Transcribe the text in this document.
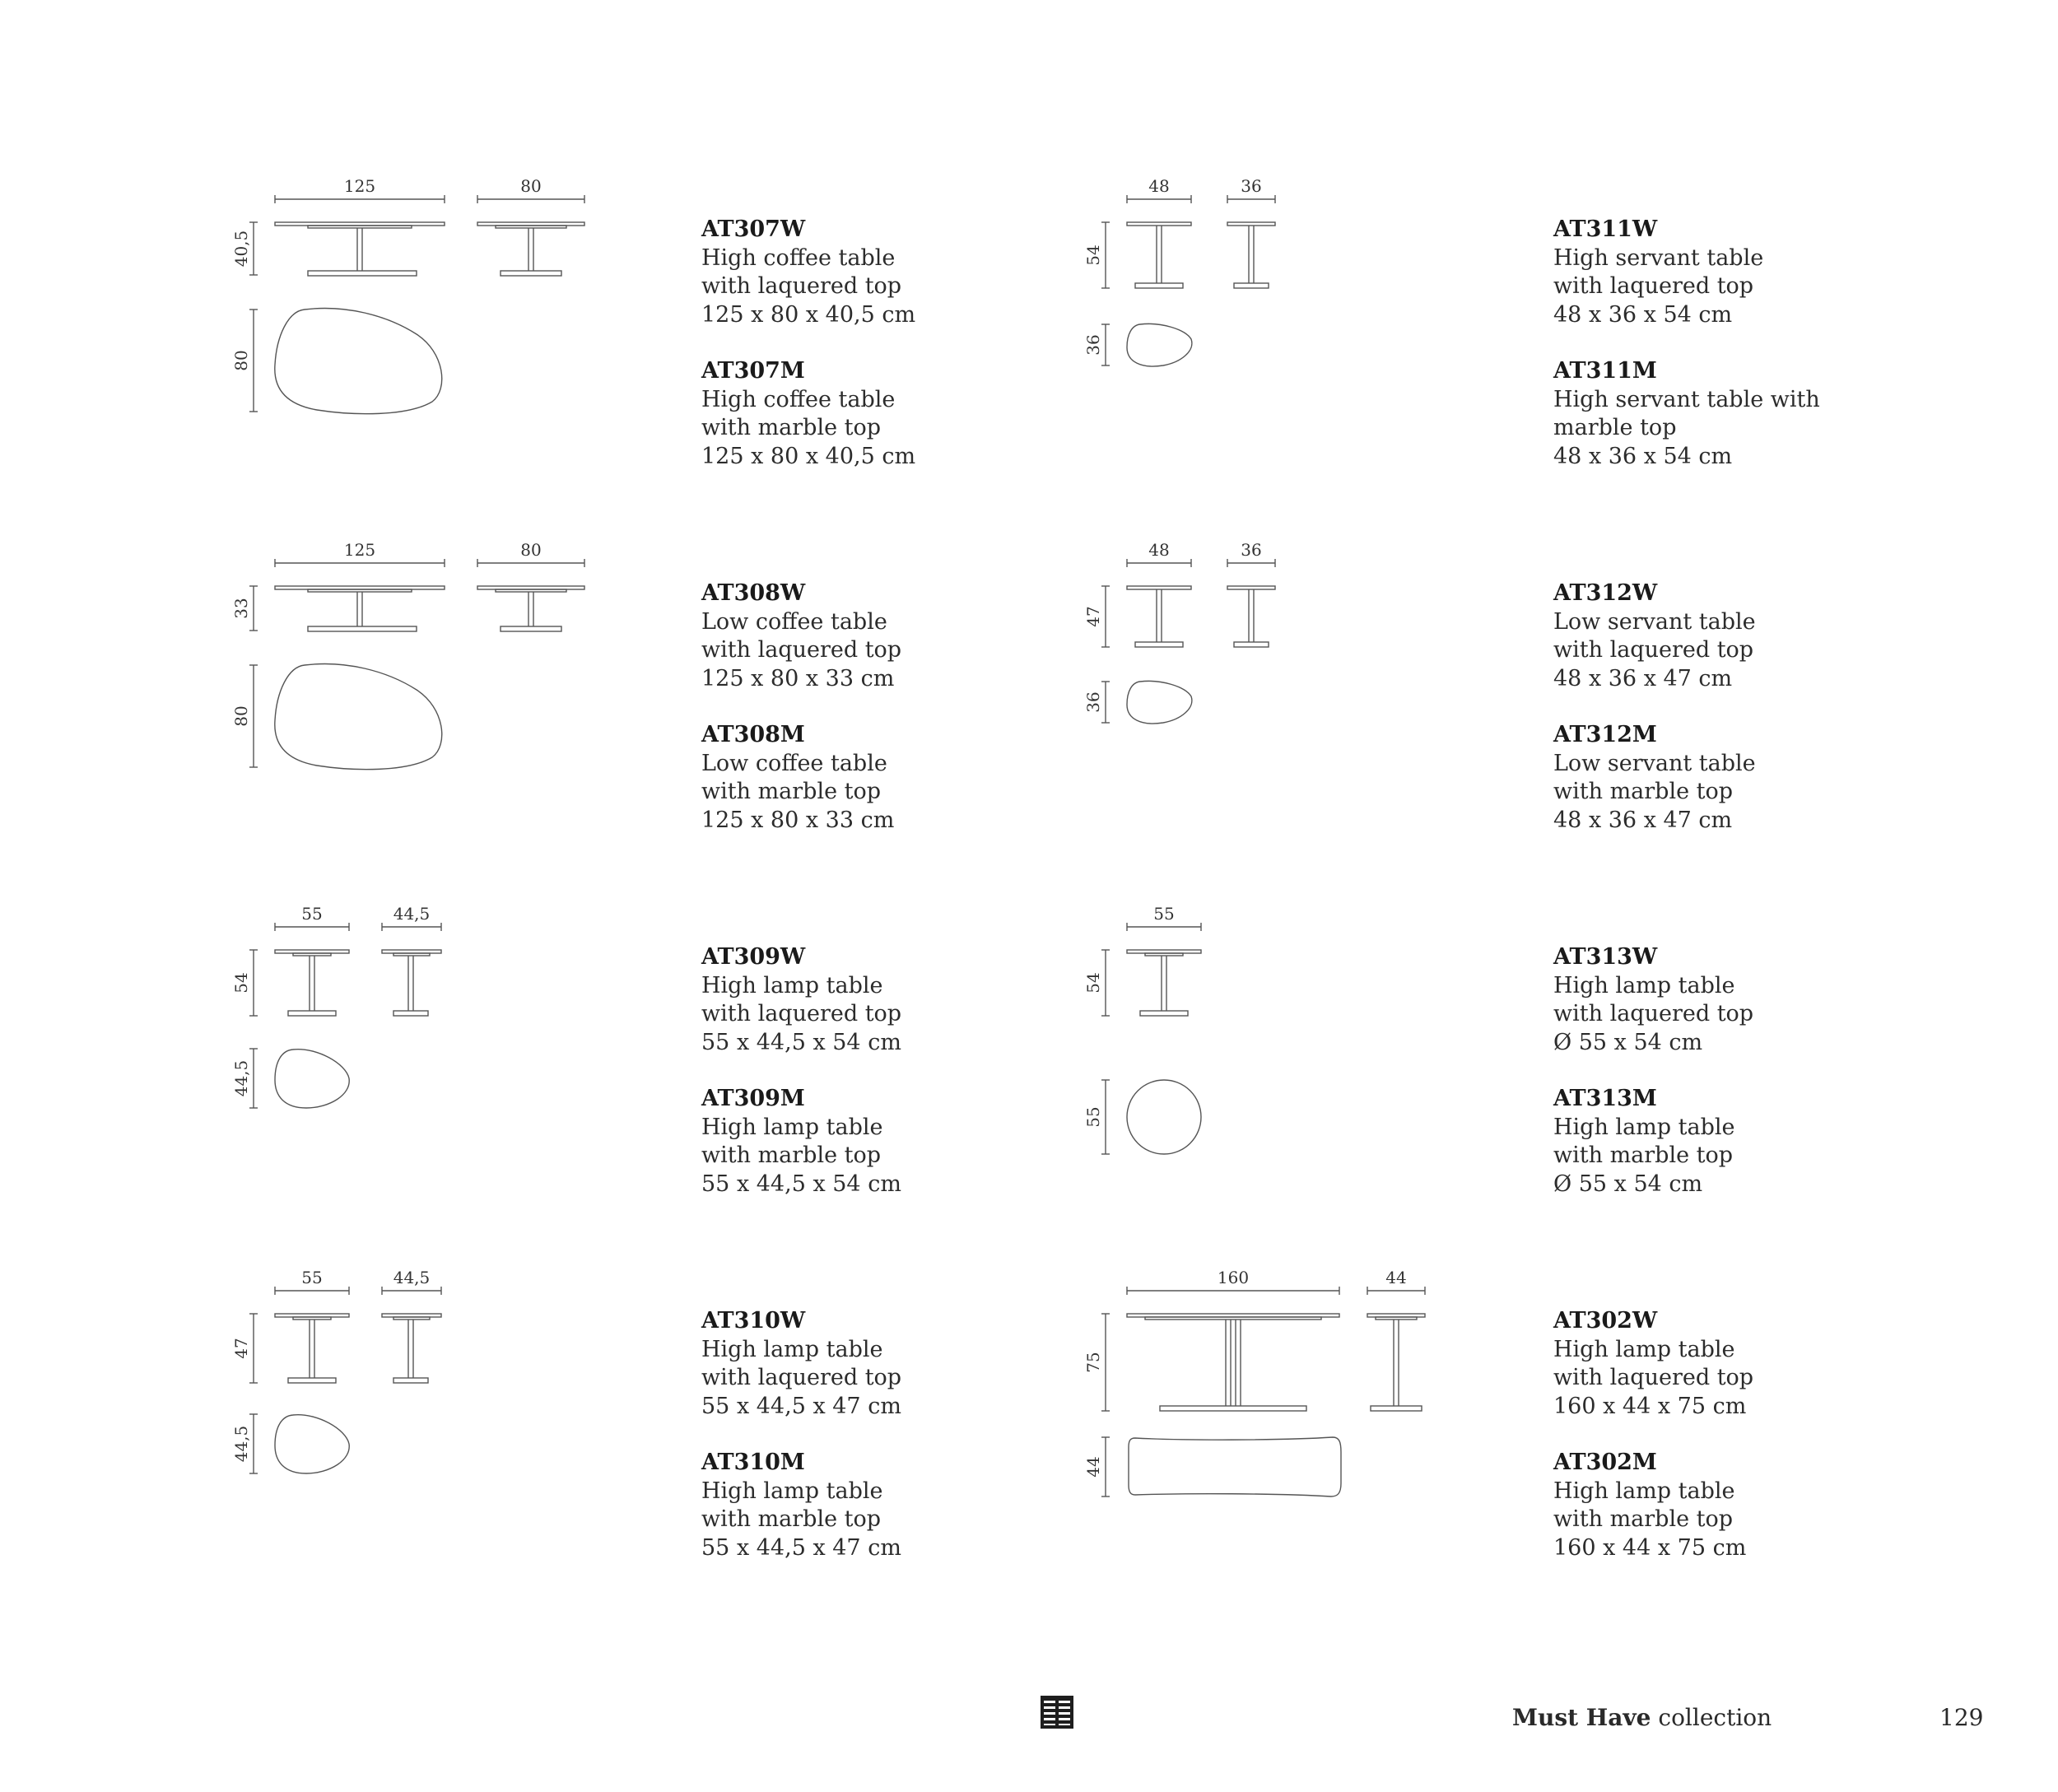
125	80
40,5
80
AT307W
High coffee table
with laquered top
125 x 80 x 40,5 cm
AT307M
High coffee table
with marble top
125 x 80 x 40,5 cm
48	36
54
36
AT311W
High servant table
with laquered top
48 x 36 x 54 cm
AT311M
High servant table with
marble top
48 x 36 x 54 cm
125	80
33
80
AT308W
Low coffee table
with laquered top
125 x 80 x 33 cm
AT308M
Low coffee table
with marble top
125 x 80 x 33 cm
48	36
47
36
AT312W
Low servant table
with laquered top
48 x 36 x 47 cm
AT312M
Low servant table
with marble top
48 x 36 x 47 cm
55	44,5
54
44,5
AT309W
High lamp table
with laquered top
55 x 44,5 x 54 cm
AT309M
High lamp table
with marble top
55 x 44,5 x 54 cm
55
54
55
AT313W
High lamp table
with laquered top
Ø 55 x 54 cm
AT313M
High lamp table
with marble top
Ø 55 x 54 cm
55	44,5
47
44,5
AT310W
High lamp table
with laquered top
55 x 44,5 x 47 cm
AT310M
High lamp table
with marble top
55 x 44,5 x 47 cm
160	44
75
44
AT302W
High lamp table
with laquered top
160 x 44 x 75 cm
AT302M
High lamp table
with marble top
160 x 44 x 75 cm
Must Have collection	129
